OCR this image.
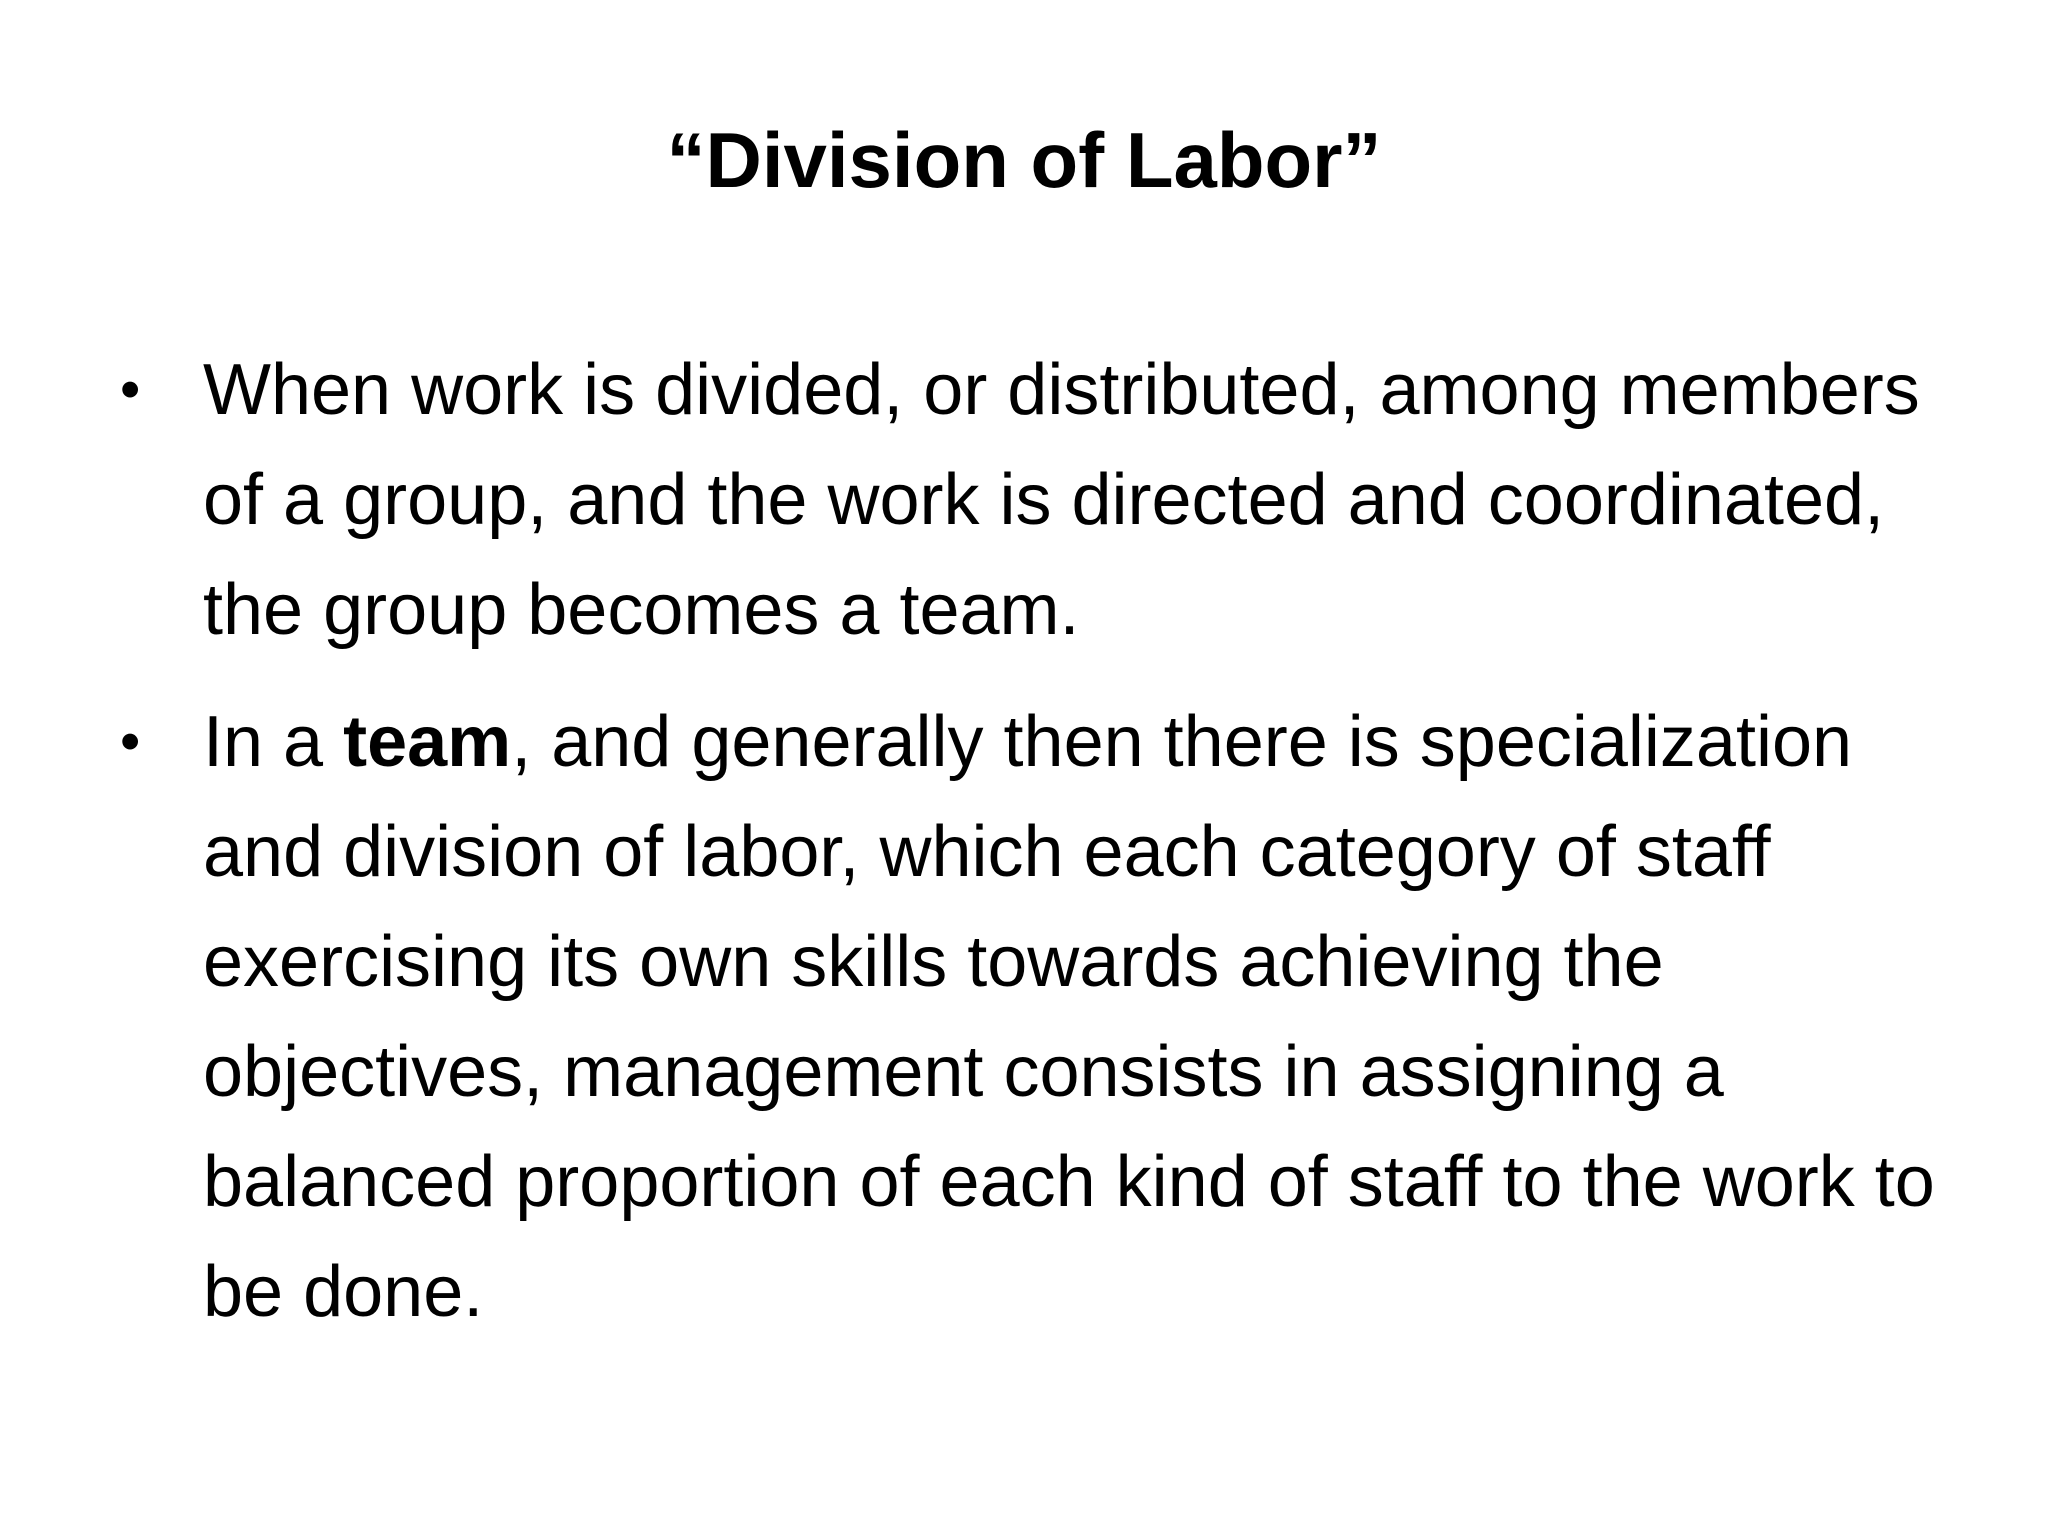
“Division of Labor”
• When work is divided, or distributed, among members of a group, and the work is directed and coordinated, the group becomes a team.
• In a team, and generally then there is specialization and division of labor, which each category of staff exercising its own skills towards achieving the objectives, management consists in assigning a balanced proportion of each kind of staff to the work to be done.
